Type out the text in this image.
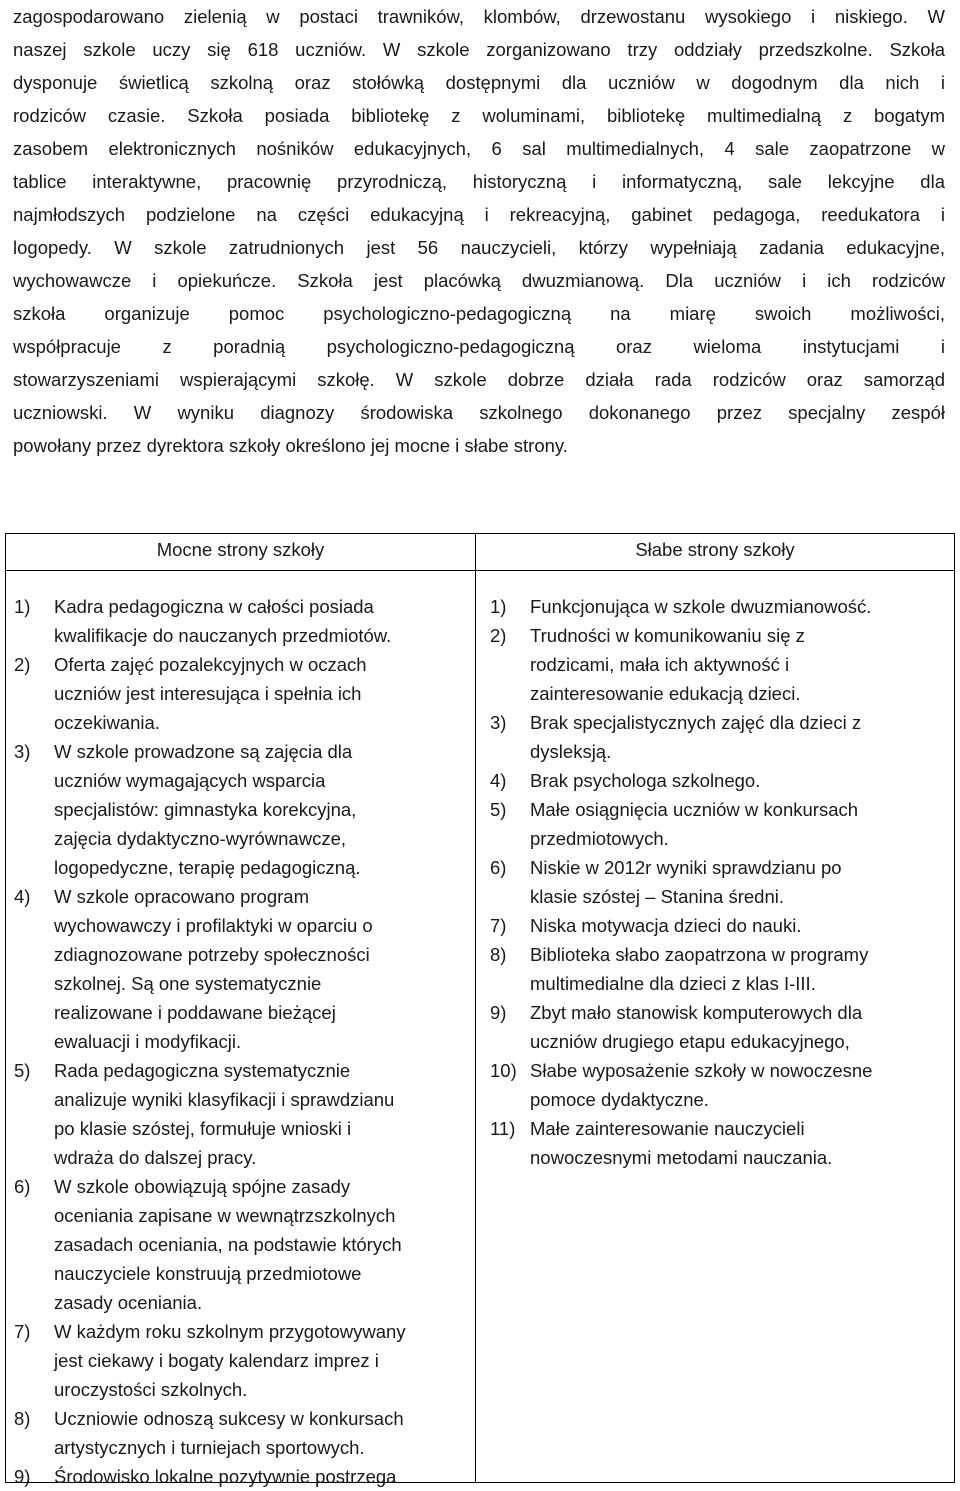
zagospodarowano zielenią w postaci trawników, klombów, drzewostanu wysokiego i niskiego. W
naszej szkole uczy się 618 uczniów. W szkole zorganizowano trzy oddziały przedszkolne. Szkoła
dysponuje świetlicą szkolną oraz stołówką dostępnymi dla uczniów w dogodnym dla nich i
rodziców czasie. Szkoła posiada bibliotekę z woluminami, bibliotekę multimedialną z bogatym
zasobem elektronicznych nośników edukacyjnych, 6 sal multimedialnych, 4 sale zaopatrzone w
tablice interaktywne, pracownię przyrodniczą, historyczną i informatyczną, sale lekcyjne dla
najmłodszych podzielone na części edukacyjną i rekreacyjną, gabinet pedagoga, reedukatora i
logopedy. W szkole zatrudnionych jest 56 nauczycieli, którzy wypełniają zadania edukacyjne,
wychowawcze i opiekuńcze. Szkoła jest placówką dwuzmianową. Dla uczniów i ich rodziców
szkoła organizuje pomoc psychologiczno-pedagogiczną na miarę swoich możliwości,
współpracuje z poradnią psychologiczno-pedagogiczną oraz wieloma instytucjami i
stowarzyszeniami wspierającymi szkołę. W szkole dobrze działa rada rodziców oraz samorząd
uczniowski. W wyniku diagnozy środowiska szkolnego dokonanego przez specjalny zespół
powołany przez dyrektora szkoły określono jej mocne i słabe strony.
Mocne strony szkoły	Słabe strony szkoły
1) Kadra pedagogiczna w całości posiada
kwalifikacje do nauczanych przedmiotów.
2) Oferta zajęć pozalekcyjnych w oczach
uczniów jest interesująca i spełnia ich
oczekiwania.
3) W szkole prowadzone są zajęcia dla
uczniów wymagających wsparcia
specjalistów: gimnastyka korekcyjna,
zajęcia dydaktyczno-wyrównawcze,
logopedyczne, terapię pedagogiczną.
4) W szkole opracowano program
wychowawczy i profilaktyki w oparciu o
zdiagnozowane potrzeby społeczności
szkolnej. Są one systematycznie
realizowane i poddawane bieżącej
ewaluacji i modyfikacji.
5) Rada pedagogiczna systematycznie
analizuje wyniki klasyfikacji i sprawdzianu
po klasie szóstej, formułuje wnioski i
wdraża do dalszej pracy.
6) W szkole obowiązują spójne zasady
oceniania zapisane w wewnątrzszkolnych
zasadach oceniania, na podstawie których
nauczyciele konstruują przedmiotowe
zasady oceniania.
7) W każdym roku szkolnym przygotowywany
jest ciekawy i bogaty kalendarz imprez i
uroczystości szkolnych.
8) Uczniowie odnoszą sukcesy w konkursach
artystycznych i turniejach sportowych.
9) Środowisko lokalne pozytywnie postrzega
1) Funkcjonująca w szkole dwuzmianowość.
2) Trudności w komunikowaniu się z
rodzicami, mała ich aktywność i
zainteresowanie edukacją dzieci.
3) Brak specjalistycznych zajęć dla dzieci z
dysleksją.
4) Brak psychologa szkolnego.
5) Małe osiągnięcia uczniów w konkursach
przedmiotowych.
6) Niskie w 2012r wyniki sprawdzianu po
klasie szóstej – Stanina średni.
7) Niska motywacja dzieci do nauki.
8) Biblioteka słabo zaopatrzona w programy
multimedialne dla dzieci z klas I-III.
9) Zbyt mało stanowisk komputerowych dla
uczniów drugiego etapu edukacyjnego,
10) Słabe wyposażenie szkoły w nowoczesne
pomoce dydaktyczne.
11) Małe zainteresowanie nauczycieli
nowoczesnymi metodami nauczania.
